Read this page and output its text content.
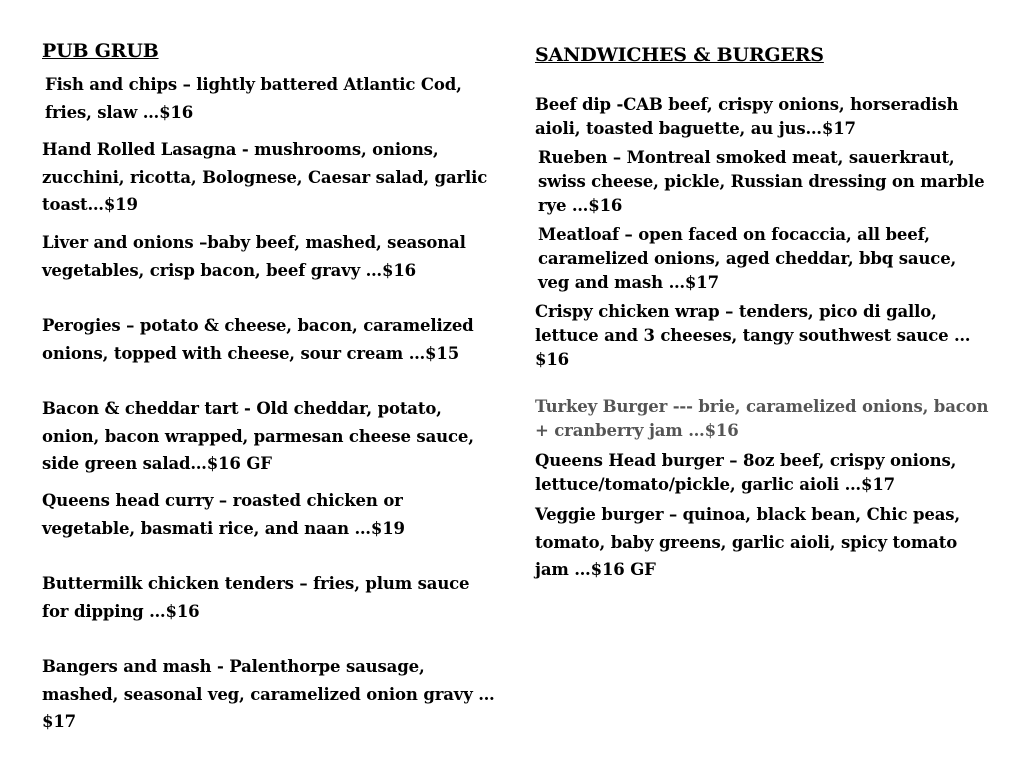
PUB GRUB

Fish and chips – lightly battered Atlantic Cod,
fries, slaw …$16

Hand Rolled Lasagna - mushrooms, onions,
zucchini, ricotta, Bolognese, Caesar salad, garlic
toast…$19

Liver and onions –baby beef, mashed, seasonal
vegetables, crisp bacon, beef gravy …$16

Perogies – potato & cheese, bacon, caramelized
onions, topped with cheese, sour cream …$15

Bacon & cheddar tart - Old cheddar, potato,
onion, bacon wrapped, parmesan cheese sauce,
side green salad…$16 GF

Queens head curry – roasted chicken or
vegetable, basmati rice, and naan …$19

Buttermilk chicken tenders – fries, plum sauce
for dipping …$16

Bangers and mash - Palenthorpe sausage,
mashed, seasonal veg, caramelized onion gravy …
$17

SANDWICHES & BURGERS

Beef dip -CAB beef, crispy onions, horseradish
aioli, toasted baguette, au jus…$17

Rueben – Montreal smoked meat, sauerkraut,
swiss cheese, pickle, Russian dressing on marble
rye …$16

Meatloaf – open faced on focaccia, all beef,
caramelized onions, aged cheddar, bbq sauce,
veg and mash …$17

Crispy chicken wrap – tenders, pico di gallo,
lettuce and 3 cheeses, tangy southwest sauce …
$16

Turkey Burger --- brie, caramelized onions, bacon
+ cranberry jam …$16

Queens Head burger – 8oz beef, crispy onions,
lettuce/tomato/pickle, garlic aioli …$17

Veggie burger – quinoa, black bean, Chic peas,
tomato, baby greens, garlic aioli, spicy tomato
jam …$16 GF
